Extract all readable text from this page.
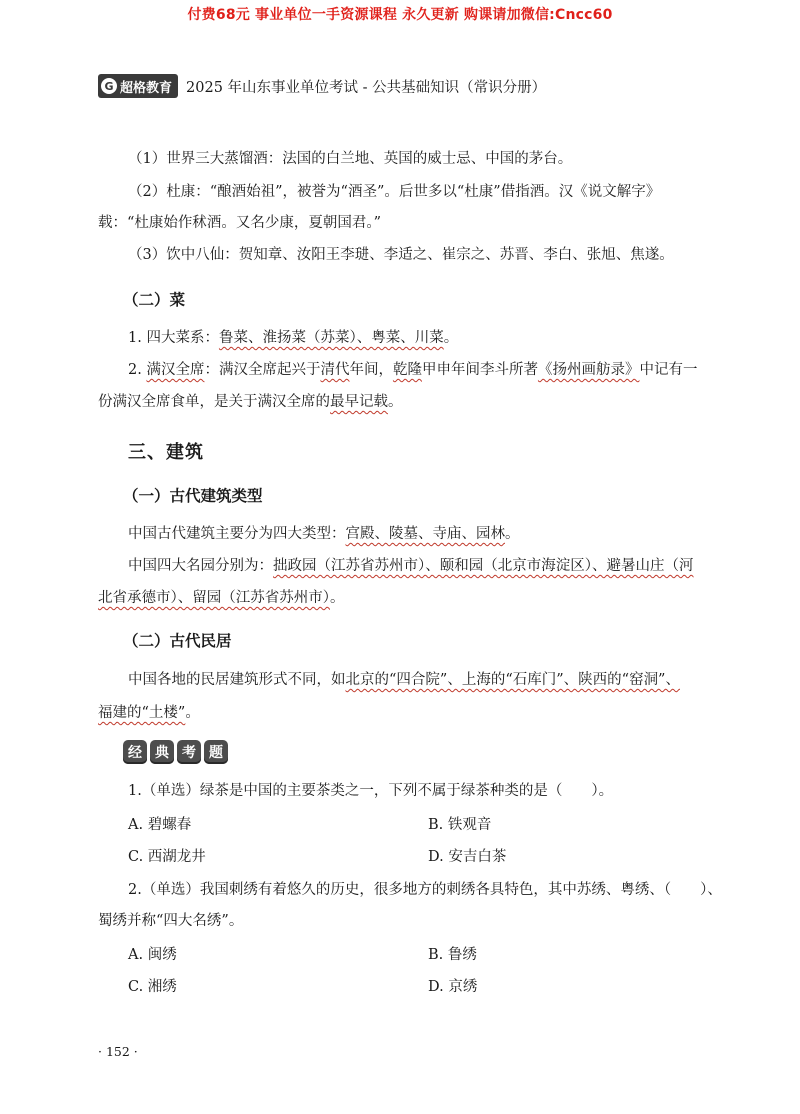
付费68元 事业单位一手资源课程 永久更新 购课请加微信:Cncc60
G 超格教育 2025 年山东事业单位考试 - 公共基础知识（常识分册）
（1）世界三大蒸馏酒：法国的白兰地、英国的威士忌、中国的茅台。
（2）杜康：“酿酒始祖”，被誉为“酒圣”。后世多以“杜康”借指酒。汉《说文解字》
载：“杜康始作秫酒。又名少康，夏朝国君。”
（3）饮中八仙：贺知章、汝阳王李琎、李适之、崔宗之、苏晋、李白、张旭、焦遂。
（二）菜
1. 四大菜系：鲁菜、淮扬菜（苏菜）、粤菜、川菜。
2. 满汉全席：满汉全席起兴于清代年间，乾隆甲申年间李斗所著《扬州画舫录》中记有一
份满汉全席食单，是关于满汉全席的最早记载。
三、建筑
（一）古代建筑类型
中国古代建筑主要分为四大类型：宫殿、陵墓、寺庙、园林。
中国四大名园分别为：拙政园（江苏省苏州市）、颐和园（北京市海淀区）、避暑山庄（河
北省承德市）、留园（江苏省苏州市）。
（二）古代民居
中国各地的民居建筑形式不同，如北京的“四合院”、上海的“石库门”、陕西的“窑洞”、
福建的“土楼”。
经 典 考 题
1.（单选）绿茶是中国的主要茶类之一，下列不属于绿茶种类的是（　　）。
A. 碧螺春	B. 铁观音
C. 西湖龙井	D. 安吉白茶
2.（单选）我国刺绣有着悠久的历史，很多地方的刺绣各具特色，其中苏绣、粤绣、（　　）、
蜀绣并称“四大名绣”。
A. 闽绣	B. 鲁绣
C. 湘绣	D. 京绣
· 152 ·
